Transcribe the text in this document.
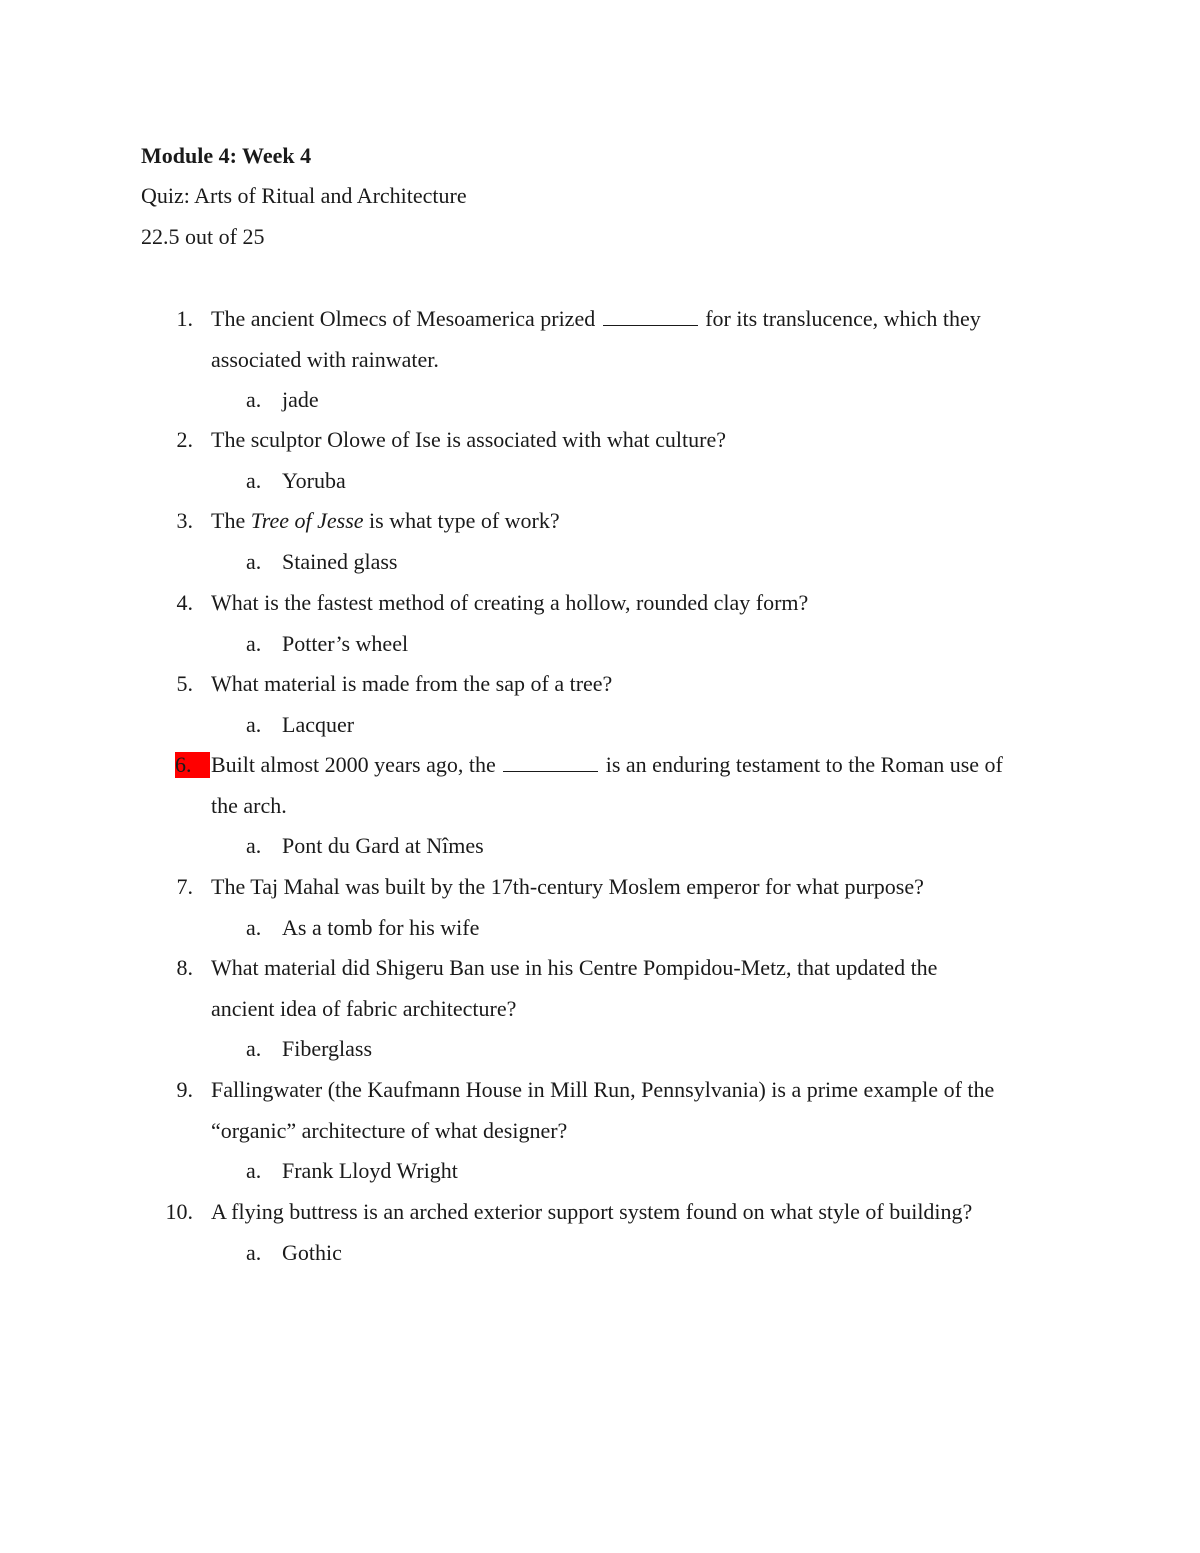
Module 4: Week 4
Quiz: Arts of Ritual and Architecture
22.5 out of 25
1. The ancient Olmecs of Mesoamerica prized	for its translucence, which they
associated with rainwater.
a. jade
2. The sculptor Olowe of Ise is associated with what culture?
a. Yoruba
3. The Tree of Jesse is what type of work?
a. Stained glass
4. What is the fastest method of creating a hollow, rounded clay form?
a. Potter’s wheel
5. What material is made from the sap of a tree?
a. Lacquer
6. Built almost 2000 years ago, the	is an enduring testament to the Roman use of
the arch.
a. Pont du Gard at Nîmes
7. The Taj Mahal was built by the 17th-century Moslem emperor for what purpose?
a. As a tomb for his wife
8. What material did Shigeru Ban use in his Centre Pompidou-Metz, that updated the
ancient idea of fabric architecture?
a. Fiberglass
9. Fallingwater (the Kaufmann House in Mill Run, Pennsylvania) is a prime example of the
“organic” architecture of what designer?
a. Frank Lloyd Wright
10. A flying buttress is an arched exterior support system found on what style of building?
a. Gothic
